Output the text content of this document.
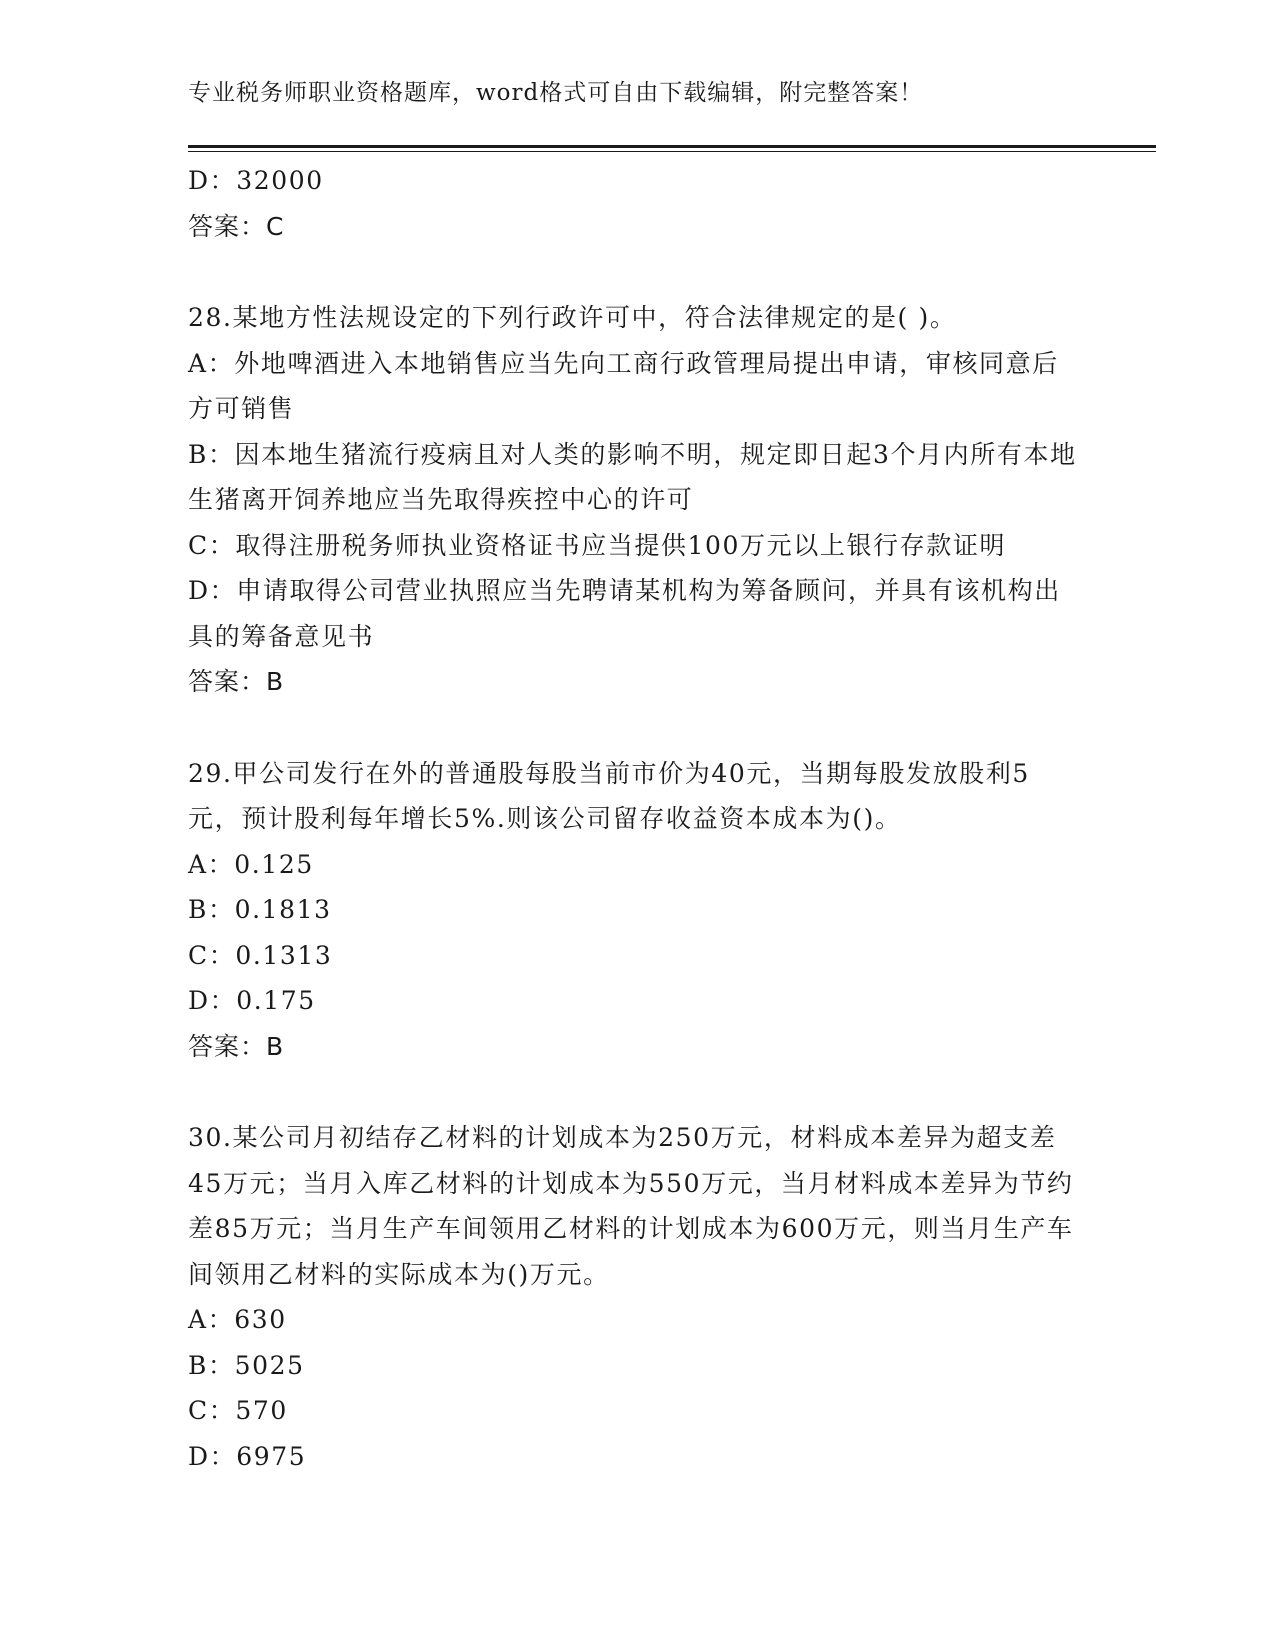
专业税务师职业资格题库，word格式可自由下载编辑，附完整答案！

D：32000

答案：C

28.某地方性法规设定的下列行政许可中，符合法律规定的是( )。

A：外地啤酒进入本地销售应当先向工商行政管理局提出申请，审核同意后方可销售

B：因本地生猪流行疫病且对人类的影响不明，规定即日起3个月内所有本地生猪离开饲养地应当先取得疾控中心的许可

C：取得注册税务师执业资格证书应当提供100万元以上银行存款证明

D：申请取得公司营业执照应当先聘请某机构为筹备顾问，并具有该机构出具的筹备意见书

答案：B

29.甲公司发行在外的普通股每股当前市价为40元，当期每股发放股利5元，预计股利每年增长5%.则该公司留存收益资本成本为()。

A：0.125

B：0.1813

C：0.1313

D：0.175

答案：B

30.某公司月初结存乙材料的计划成本为250万元，材料成本差异为超支差45万元；当月入库乙材料的计划成本为550万元，当月材料成本差异为节约差85万元；当月生产车间领用乙材料的计划成本为600万元，则当月生产车间领用乙材料的实际成本为()万元。

A：630

B：5025

C：570

D：6975
